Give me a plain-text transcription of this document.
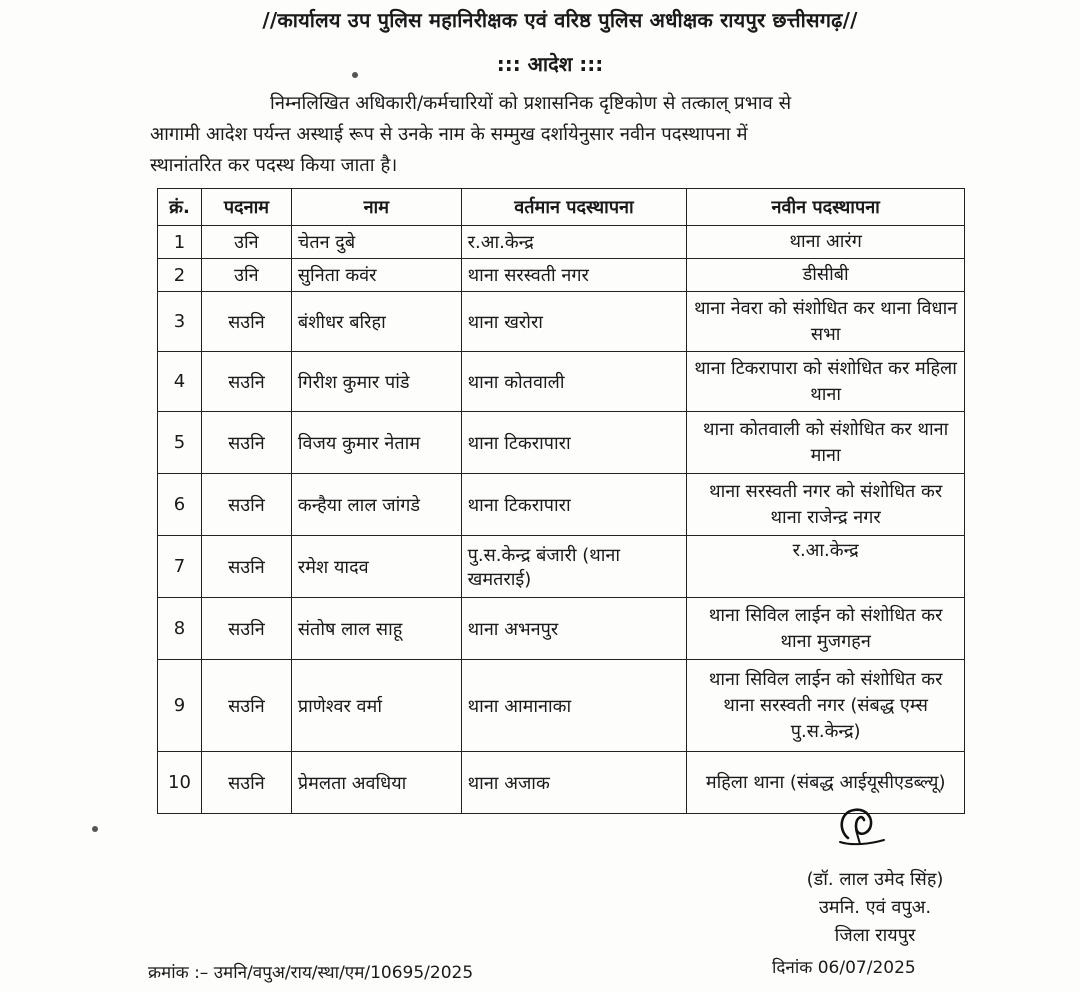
//कार्यालय उप पुलिस महानिरीक्षक एवं वरिष्ठ पुलिस अधीक्षक रायपुर छत्तीसगढ़//
::: आदेश :::
निम्नलिखित अधिकारी/कर्मचारियों को प्रशासनिक दृष्टिकोण से तत्काल् प्रभाव से
आगामी आदेश पर्यन्त अस्थाई रूप से उनके नाम के सम्मुख दर्शायेनुसार नवीन पदस्थापना में
स्थानांतरित कर पदस्थ किया जाता है।
क्रं.	पदनाम	नाम	वर्तमान पदस्थापना	नवीन पदस्थापना
1	उनि	चेतन दुबे	र.आ.केन्द्र	थाना आरंग
2	उनि	सुनिता कवंर	थाना सरस्वती नगर	डीसीबी
3	सउनि	बंशीधर बरिहा	थाना खरोरा	थाना नेवरा को संशोधित कर थाना विधान सभा
4	सउनि	गिरीश कुमार पांडे	थाना कोतवाली	थाना टिकरापारा को संशोधित कर महिला थाना
5	सउनि	विजय कुमार नेताम	थाना टिकरापारा	थाना कोतवाली को संशोधित कर थाना माना
6	सउनि	कन्हैया लाल जांगडे	थाना टिकरापारा	थाना सरस्वती नगर को संशोधित कर थाना राजेन्द्र नगर
7	सउनि	रमेश यादव	पु.स.केन्द्र बंजारी (थाना खमतराई)	र.आ.केन्द्र
8	सउनि	संतोष लाल साहू	थाना अभनपुर	थाना सिविल लाईन को संशोधित कर थाना मुजगहन
9	सउनि	प्राणेश्वर वर्मा	थाना आमानाका	थाना सिविल लाईन को संशोधित कर थाना सरस्वती नगर (संबद्ध एम्स पु.स.केन्द्र)
10	सउनि	प्रेमलता अवधिया	थाना अजाक	महिला थाना (संबद्ध आईयूसीएडब्ल्यू)
(डॉ. लाल उमेद सिंह)
उमनि. एवं वपुअ.
जिला रायपुर
क्रमांक :– उमनि/वपुअ/राय/स्था/एम/10695/2025	दिनांक 06/07/2025
